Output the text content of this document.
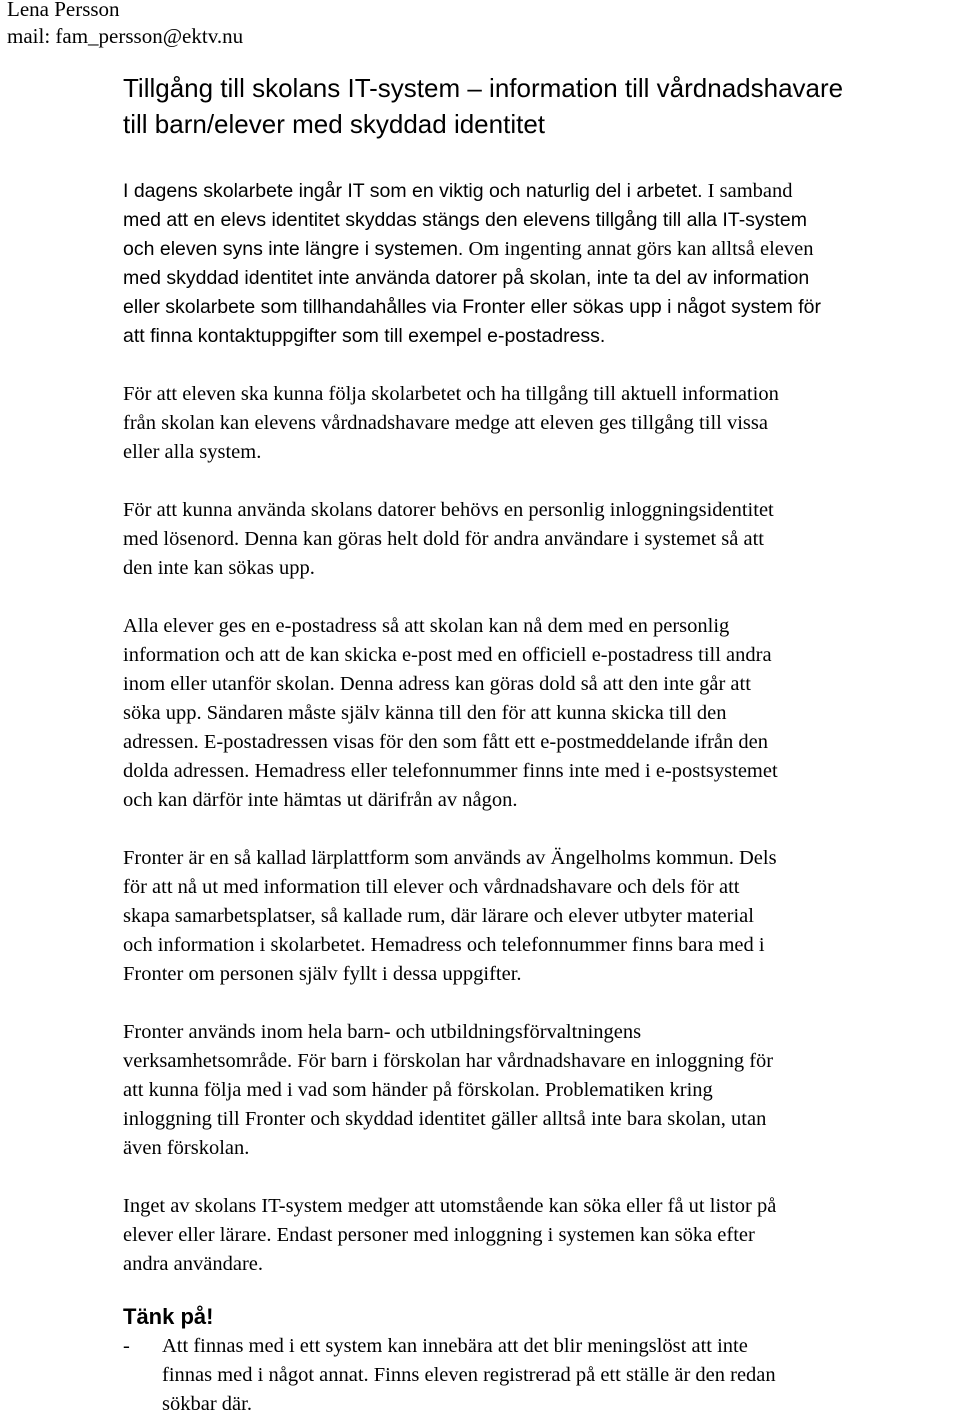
Lena Persson
mail: fam_persson@ektv.nu
Tillgång till skolans IT-system – information till vårdnadshavare
till barn/elever med skyddad identitet
I dagens skolarbete ingår IT som en viktig och naturlig del i arbetet. I samband
med att en elevs identitet skyddas stängs den elevens tillgång till alla IT-system
och eleven syns inte längre i systemen. Om ingenting annat görs kan alltså eleven
med skyddad identitet inte använda datorer på skolan, inte ta del av information
eller skolarbete som tillhandahålles via Fronter eller sökas upp i något system för
att finna kontaktuppgifter som till exempel e-postadress.
För att eleven ska kunna följa skolarbetet och ha tillgång till aktuell information
från skolan kan elevens vårdnadshavare medge att eleven ges tillgång till vissa
eller alla system.
För att kunna använda skolans datorer behövs en personlig inloggningsidentitet
med lösenord. Denna kan göras helt dold för andra användare i systemet så att
den inte kan sökas upp.
Alla elever ges en e-postadress så att skolan kan nå dem med en personlig
information och att de kan skicka e-post med en officiell e-postadress till andra
inom eller utanför skolan. Denna adress kan göras dold så att den inte går att
söka upp. Sändaren måste själv känna till den för att kunna skicka till den
adressen. E-postadressen visas för den som fått ett e-postmeddelande ifrån den
dolda adressen. Hemadress eller telefonnummer finns inte med i e-postsystemet
och kan därför inte hämtas ut därifrån av någon.
Fronter är en så kallad lärplattform som används av Ängelholms kommun. Dels
för att nå ut med information till elever och vårdnadshavare och dels för att
skapa samarbetsplatser, så kallade rum, där lärare och elever utbyter material
och information i skolarbetet. Hemadress och telefonnummer finns bara med i
Fronter om personen själv fyllt i dessa uppgifter.
Fronter används inom hela barn- och utbildningsförvaltningens
verksamhetsområde. För barn i förskolan har vårdnadshavare en inloggning för
att kunna följa med i vad som händer på förskolan. Problematiken kring
inloggning till Fronter och skyddad identitet gäller alltså inte bara skolan, utan
även förskolan.
Inget av skolans IT-system medger att utomstående kan söka eller få ut listor på
elever eller lärare. Endast personer med inloggning i systemen kan söka efter
andra användare.
Tänk på!
- Att finnas med i ett system kan innebära att det blir meningslöst att inte
finnas med i något annat. Finns eleven registrerad på ett ställe är den redan
sökbar där.
